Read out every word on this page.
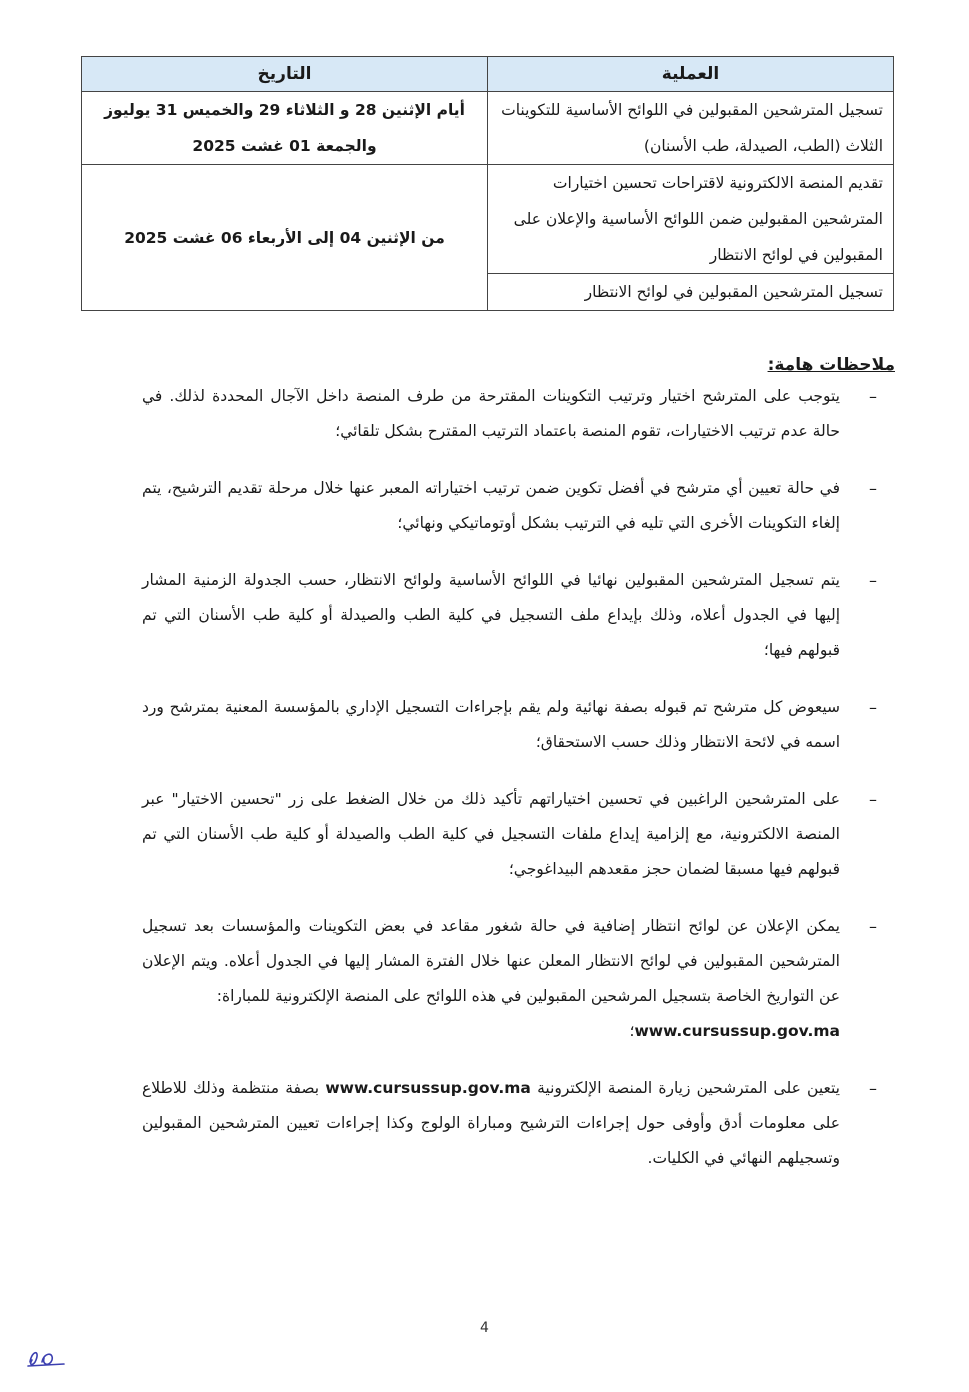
العملية	التاريخ
تسجيل المترشحين المقبولين في اللوائح الأساسية للتكوينات الثلاث (الطب، الصيدلة، طب الأسنان)	أيام الإثنين 28 و الثلاثاء 29 والخميس 31 يوليوز والجمعة 01 غشت 2025
تقديم المنصة الالكترونية لاقتراحات تحسين اختيارات المترشحين المقبولين ضمن اللوائح الأساسية والإعلان على المقبولين في لوائح الانتظار	من الإثنين 04 إلى الأربعاء 06 غشت 2025
تسجيل المترشحين المقبولين في لوائح الانتظار	
ملاحظات هامة:
–
يتوجب على المترشح اختيار وترتيب التكوينات المقترحة من طرف المنصة داخل الآجال المحددة لذلك. في حالة عدم ترتيب الاختيارات، تقوم المنصة باعتماد الترتيب المقترح بشكل تلقائي؛
–
في حالة تعيين أي مترشح في أفضل تكوين ضمن ترتيب اختياراته المعبر عنها خلال مرحلة تقديم الترشيح، يتم إلغاء التكوينات الأخرى التي تليه في الترتيب بشكل أوتوماتيكي ونهائي؛
–
يتم تسجيل المترشحين المقبولين نهائيا في اللوائح الأساسية ولوائح الانتظار، حسب الجدولة الزمنية المشار إليها في الجدول أعلاه، وذلك بإيداع ملف التسجيل في كلية الطب والصيدلة أو كلية طب الأسنان التي تم قبولهم فيها؛
–
سيعوض كل مترشح تم قبوله بصفة نهائية ولم يقم بإجراءات التسجيل الإداري بالمؤسسة المعنية بمترشح ورد اسمه في لائحة الانتظار وذلك حسب الاستحقاق؛
–
على المترشحين الراغبين في تحسين اختياراتهم تأكيد ذلك من خلال الضغط على زر "تحسين الاختيار" عبر المنصة الالكترونية، مع إلزامية إيداع ملفات التسجيل في كلية الطب والصيدلة أو كلية طب الأسنان التي تم قبولهم فيها مسبقا لضمان حجز مقعدهم البيداغوجي؛
–
يمكن الإعلان عن لوائح انتظار إضافية في حالة شغور مقاعد في بعض التكوينات والمؤسسات بعد تسجيل المترشحين المقبولين في لوائح الانتظار المعلن عنها خلال الفترة المشار إليها في الجدول أعلاه. ويتم الإعلان عن التواريخ الخاصة بتسجيل المرشحين المقبولين في هذه اللوائح على المنصة الإلكترونية للمباراة:
www.cursussup.gov.ma؛
–
يتعين على المترشحين زيارة المنصة الإلكترونية www.cursussup.gov.ma بصفة منتظمة وذلك للاطلاع على معلومات أدق وأوفى حول إجراءات الترشيح ومباراة الولوج وكذا إجراءات تعيين المترشحين المقبولين وتسجيلهم النهائي في الكليات.
4
